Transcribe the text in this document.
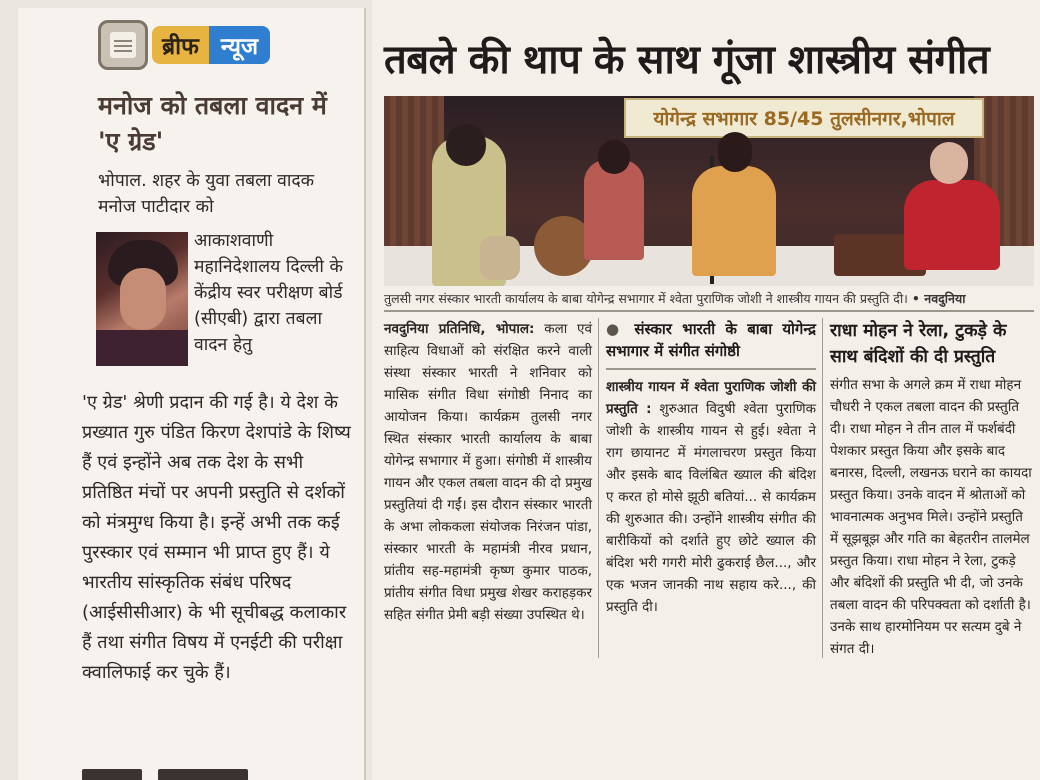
ब्रीफ न्यूज
मनोज को तबला वादन में 'ए ग्रेड'
भोपाल. शहर के युवा तबला वादक मनोज पाटीदार को
आकाशवाणी महानिदेशालय दिल्ली के केंद्रीय स्वर परीक्षण बोर्ड (सीएबी) द्वारा तबला वादन हेतु
'ए ग्रेड' श्रेणी प्रदान की गई है। ये देश के प्रख्यात गुरु पंडित किरण देशपांडे के शिष्य हैं एवं इन्होंने अब तक देश के सभी प्रतिष्ठित मंचों पर अपनी प्रस्तुति से दर्शकों को मंत्रमुग्ध किया है। इन्हें अभी तक कई पुरस्कार एवं सम्मान भी प्राप्त हुए हैं। ये भारतीय सांस्कृतिक संबंध परिषद (आईसीसीआर) के भी सूचीबद्ध कलाकार हैं तथा संगीत विषय में एनईटी की परीक्षा क्वालिफाई कर चुके हैं।
तबले की थाप के साथ गूंजा शास्त्रीय संगीत
योगेन्द्र सभागार 85/45 तुलसीनगर,भोपाल
तुलसी नगर संस्कार भारती कार्यालय के बाबा योगेन्द्र सभागार में श्वेता पुराणिक जोशी ने शास्त्रीय गायन की प्रस्तुति दी। • नवदुनिया
नवदुनिया प्रतिनिधि, भोपाल: कला एवं साहित्य विधाओं को संरक्षित करने वाली संस्था संस्कार भारती ने शनिवार को मासिक संगीत विधा संगोष्ठी निनाद का आयोजन किया। कार्यक्रम तुलसी नगर स्थित संस्कार भारती कार्यालय के बाबा योगेन्द्र सभागार में हुआ। संगोष्ठी में शास्त्रीय गायन और एकल तबला वादन की दो प्रमुख प्रस्तुतियां दी गईं। इस दौरान संस्कार भारती के अभा लोककला संयोजक निरंजन पांडा, संस्कार भारती के महामंत्री नीरव प्रधान, प्रांतीय सह-महामंत्री कृष्ण कुमार पाठक, प्रांतीय संगीत विधा प्रमुख शेखर कराहड़कर सहित संगीत प्रेमी बड़ी संख्या उपस्थित थे।
● संस्कार भारती के बाबा योगेन्द्र सभागार में संगीत संगोष्ठी
शास्त्रीय गायन में श्वेता पुराणिक जोशी की प्रस्तुति : शुरुआत विदुषी श्वेता पुराणिक जोशी के शास्त्रीय गायन से हुई। श्वेता ने राग छायानट में मंगलाचरण प्रस्तुत किया और इसके बाद विलंबित ख्याल की बंदिश ए करत हो मोसे झूठी बतियां... से कार्यक्रम की शुरुआत की। उन्होंने शास्त्रीय संगीत की बारीकियों को दर्शाते हुए छोटे ख्याल की बंदिश भरी गगरी मोरी ढुकराई छैल..., और एक भजन जानकी नाथ सहाय करे..., की प्रस्तुति दी।
राधा मोहन ने रेला, टुकड़े के साथ बंदिशों की दी प्रस्तुति
संगीत सभा के अगले क्रम में राधा मोहन चौधरी ने एकल तबला वादन की प्रस्तुति दी। राधा मोहन ने तीन ताल में फर्शबंदी पेशकार प्रस्तुत किया और इसके बाद बनारस, दिल्ली, लखनऊ घराने का कायदा प्रस्तुत किया। उनके वादन में श्रोताओं को भावनात्मक अनुभव मिले। उन्होंने प्रस्तुति में सूझबूझ और गति का बेहतरीन तालमेल प्रस्तुत किया। राधा मोहन ने रेला, टुकड़े और बंदिशों की प्रस्तुति भी दी, जो उनके तबला वादन की परिपक्वता को दर्शाती है। उनके साथ हारमोनियम पर सत्यम दुबे ने संगत दी।
